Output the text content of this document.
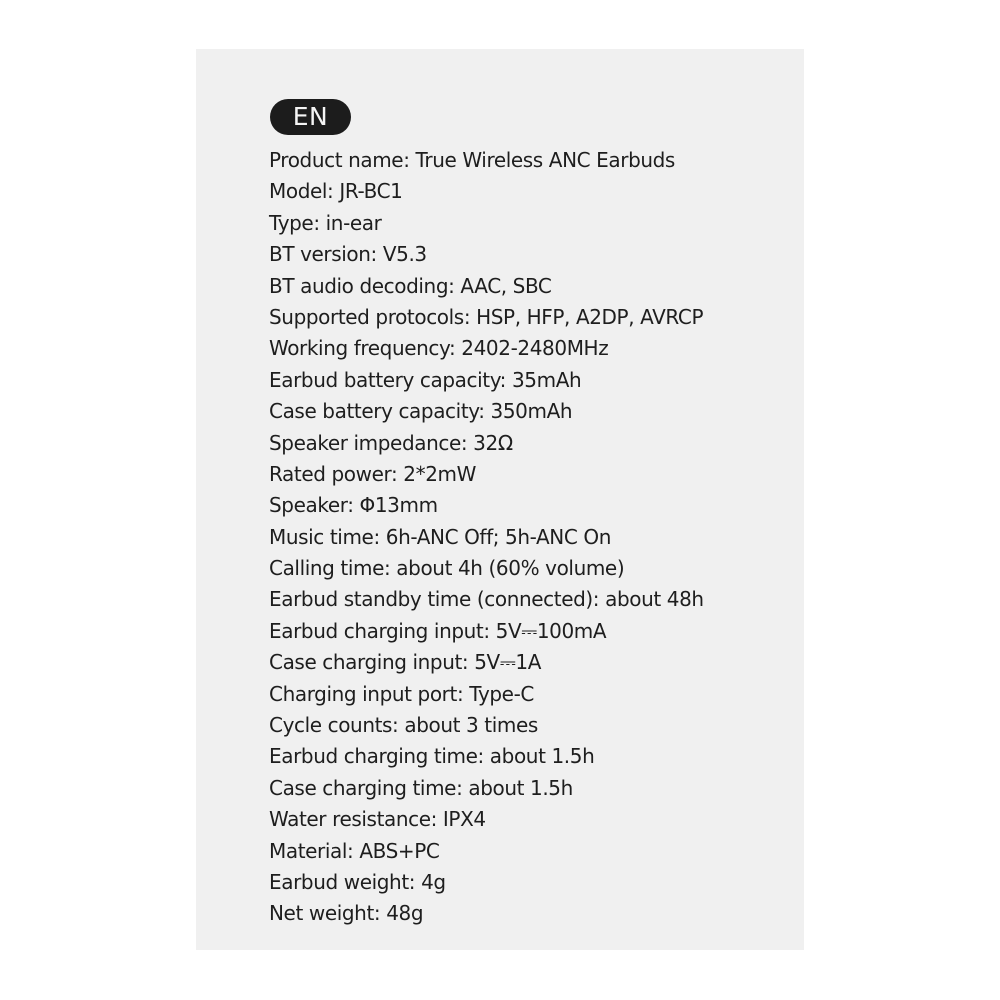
EN
Product name: True Wireless ANC Earbuds
Model: JR-BC1
Type: in-ear
BT version: V5.3
BT audio decoding: AAC, SBC
Supported protocols: HSP, HFP, A2DP, AVRCP
Working frequency: 2402-2480MHz
Earbud battery capacity: 35mAh
Case battery capacity: 350mAh
Speaker impedance: 32Ω
Rated power: 2*2mW
Speaker: Φ13mm
Music time: 6h-ANC Off; 5h-ANC On
Calling time: about 4h (60% volume)
Earbud standby time (connected): about 48h
Earbud charging input: 5V⎓100mA
Case charging input: 5V⎓1A
Charging input port: Type-C
Cycle counts: about 3 times
Earbud charging time: about 1.5h
Case charging time: about 1.5h
Water resistance: IPX4
Material: ABS+PC
Earbud weight: 4g
Net weight: 48g
